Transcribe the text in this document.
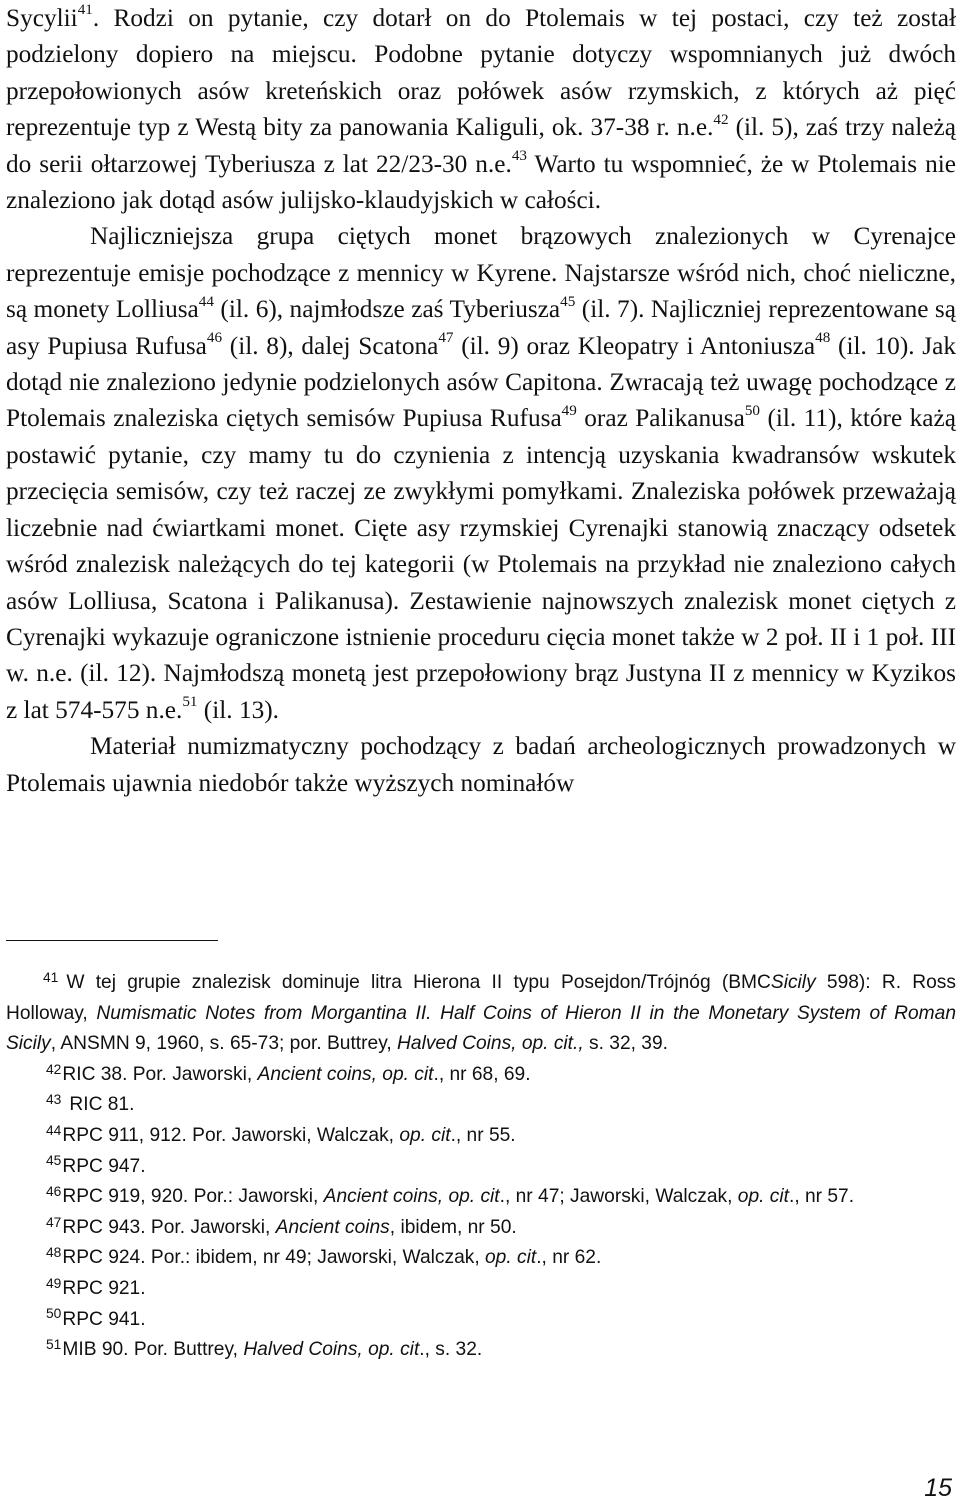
Sycylii$^{41}$. Rodzi on pytanie, czy dotarł on do Ptolemais w tej postaci, czy też został podzielony dopiero na miejscu. Podobne pytanie dotyczy wspomnianych już dwóch przepołowionych asów kreteńskich oraz połówek asów rzymskich, z których aż pięć reprezentuje typ z Westą bity za panowania Kaliguli, ok. 37-38 r. n.e.$^{42}$ (il. 5), zaś trzy należą do serii ołtarzowej Tyberiusza z lat 22/23-30 n.e.$^{43}$ Warto tu wspomnieć, że w Ptolemais nie znaleziono jak dotąd asów julijsko-klaudyjskich w całości.

Najliczniejsza grupa ciętych monet brązowych znalezionych w Cyrenajce reprezentuje emisje pochodzące z mennicy w Kyrene. Najstarsze wśród nich, choć nieliczne, są monety Lolliusa$^{44}$ (il. 6), najmłodsze zaś Tyberiusza$^{45}$ (il. 7). Najliczniej reprezentowane są asy Pupiusa Rufusa$^{46}$ (il. 8), dalej Scatona$^{47}$ (il. 9) oraz Kleopatry i Antoniusza$^{48}$ (il. 10). Jak dotąd nie znaleziono jedynie podzielonych asów Capitona. Zwracają też uwagę pochodzące z Ptolemais znaleziska ciętych semisów Pupiusa Rufusa$^{49}$ oraz Palikanusa$^{50}$ (il. 11), które każą postawić pytanie, czy mamy tu do czynienia z intencją uzyskania kwadransów wskutek przecięcia semisów, czy też raczej ze zwykłymi pomyłkami. Znaleziska połówek przeważają liczebnie nad ćwiartkami monet. Cięte asy rzymskiej Cyrenajki stanowią znaczący odsetek wśród znalezisk należących do tej kategorii (w Ptolemais na przykład nie znaleziono całych asów Lolliusa, Scatona i Palikanusa). Zestawienie najnowszych znalezisk monet ciętych z Cyrenajki wykazuje ograniczone istnienie proceduru cięcia monet także w 2 poł. II i 1 poł. III w. n.e. (il. 12). Najmłodszą monetą jest przepołowiony brąz Justyna II z mennicy w Kyzikos z lat 574-575 n.e.$^{51}$ (il. 13).

Materiał numizmatyczny pochodzący z badań archeologicznych prowadzonych w Ptolemais ujawnia niedobór także wyższych nominałów

$^{41}$ W tej grupie znalezisk dominuje litra Hierona II typu Posejdon/Trójnóg (BMCSicily 598): R. Ross Holloway, Numismatic Notes from Morgantina II. Half Coins of Hieron II in the Monetary System of Roman Sicily, ANSMN 9, 1960, s. 65-73; por. Buttrey, Halved Coins, op. cit., s. 32, 39.

$^{42}$RIC 38. Por. Jaworski, Ancient coins, op. cit., nr 68, 69.

$^{43}$ RIC 81.

$^{44}$RPC 911, 912. Por. Jaworski, Walczak, op. cit., nr 55.

$^{45}$RPC 947.

$^{46}$RPC 919, 920. Por.: Jaworski, Ancient coins, op. cit., nr 47; Jaworski, Walczak, op. cit., nr 57.

$^{47}$RPC 943. Por. Jaworski, Ancient coins, ibidem, nr 50.

$^{48}$RPC 924. Por.: ibidem, nr 49; Jaworski, Walczak, op. cit., nr 62.

$^{49}$RPC 921.

$^{50}$RPC 941.

$^{51}$MIB 90. Por. Buttrey, Halved Coins, op. cit., s. 32.

15
